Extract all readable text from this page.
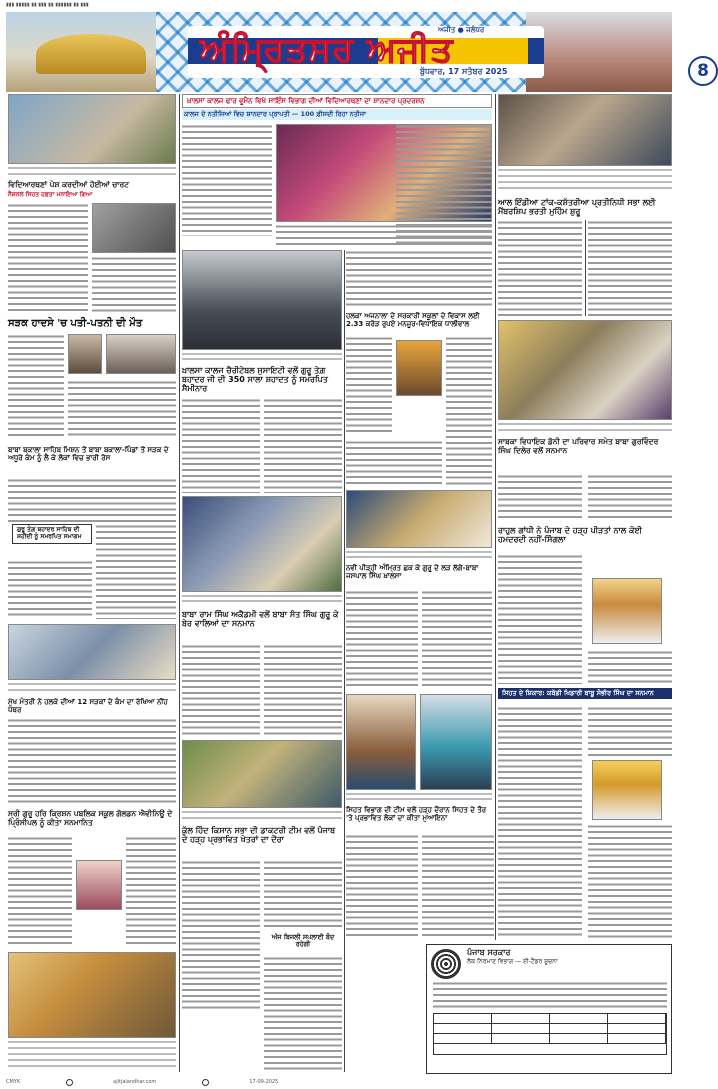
▮▮▮ ▮▮▮▮▮ ▮▮ ▮▮▮ ▮▮ ▮▮▮▮▮▮ ▮▮ ▮▮▮
ਅਜੀਤ ● ਜਲੰਧਰ
ਅੰਮ੍ਰਿਤਸਰ ਅਜੀਤ
ਬੁੱਧਵਾਰ, 17 ਸਤੰਬਰ 2025	8
ਵਿਦਿਆਰਥਣਾਂ ਪੇਸ਼ ਕਰਦੀਆਂ ਹੋਈਆਂ ਚਾਰਟ
ਨੈਸ਼ਨਲ ਸਿਹਤ ਹਫ਼ਤਾ ਮਨਾਇਆ ਗਿਆ
ਸੜਕ ਹਾਦਸੇ 'ਚ ਪਤੀ-ਪਤਨੀ ਦੀ ਮੌਤ
ਬਾਬਾ ਬਕਾਲਾ ਸਾਹਿਬ ਮਿਸ਼ਨ ਤੋਂ ਬਾਬਾ ਬਕਾਲਾ-ਪਿੰਡਾਂ ਤੋਂ ਸੜਕ ਦੇ ਅਧੂਰੇ ਕੰਮ ਨੂੰ ਲੈ ਕੇ ਲੋਕਾਂ ਵਿਚ ਭਾਰੀ ਰੋਸ
ਗੁਰੂ ਤੇਗ਼ ਬਹਾਦਰ ਸਾਹਿਬ ਦੀ ਸ਼ਹੀਦੀ ਨੂੰ ਸਮਰਪਿਤ ਸਮਾਗਮ
ਮੁੱਖ ਮੰਤਰੀ ਨੇ ਹਲਕੇ ਦੀਆਂ 12 ਸੜਕਾਂ ਦੇ ਕੰਮ ਦਾ ਰੱਖਿਆ ਨੀਂਹ ਪੱਥਰ
ਸ੍ਰੀ ਗੁਰੂ ਹਰਿ ਕ੍ਰਿਸ਼ਨ ਪਬਲਿਕ ਸਕੂਲ ਗੋਲਡਨ ਐਵੀਨਿਊ ਦੇ ਪ੍ਰਿੰਸੀਪਲ ਨੂੰ ਕੀਤਾ ਸਨਮਾਨਿਤ
ਖ਼ਾਲਸਾ ਕਾਲਜ ਫਾਰ ਵੂਮੈਨ ਵਿਖੇ ਸਾਇੰਸ ਵਿਭਾਗ ਦੀਆਂ ਵਿਦਿਆਰਥਣਾਂ ਦਾ ਸ਼ਾਨਦਾਰ ਪ੍ਰਦਰਸ਼ਨ
ਕਾਲਜ ਦੇ ਨਤੀਜਿਆਂ ਵਿਚ ਸ਼ਾਨਦਾਰ ਪ੍ਰਾਪਤੀ — 100 ਫ਼ੀਸਦੀ ਰਿਹਾ ਨਤੀਜਾ
ਖ਼ਾਲਸਾ ਕਾਲਜ ਚੈਰੀਟੇਬਲ ਸੁਸਾਇਟੀ ਵਲੋਂ ਗੁਰੂ ਤੇਗ਼ ਬਹਾਦਰ ਜੀ ਦੀ 350 ਸਾਲਾ ਸ਼ਹਾਦਤ ਨੂੰ ਸਮਰਪਿਤ ਸੈਮੀਨਾਰ
ਬਾਬਾ ਰਾਮ ਸਿੰਘ ਅਕੈਡਮੀ ਵਲੋਂ ਬਾਬਾ ਸੰਤ ਸਿੰਘ ਗੁਰੂ ਕੇ ਬੇਰ ਵਾਲਿਆਂ ਦਾ ਸਨਮਾਨ
ਕੁੱਲ ਹਿੰਦ ਕਿਸਾਨ ਸਭਾ ਦੀ ਡਾਕਟਰੀ ਟੀਮ ਵਲੋਂ ਪੰਜਾਬ ਦੇ ਹੜ੍ਹ ਪ੍ਰਭਾਵਿਤ ਖੇਤਰਾਂ ਦਾ ਦੌਰਾ
ਅੱਜ ਬਿਜਲੀ ਸਪਲਾਈ ਬੰਦ ਰਹੇਗੀ
ਹਲਕਾ ਅਜਨਾਲਾ ਦੇ ਸਰਕਾਰੀ ਸਕੂਲਾਂ ਦੇ ਵਿਕਾਸ ਲਈ 2.33 ਕਰੋੜ ਰੁਪਏ ਮਨਜ਼ੂਰ-ਵਿਧਾਇਕ ਧਾਲੀਵਾਲ
ਨਵੀਂ ਪੀੜ੍ਹੀ ਅੰਮ੍ਰਿਤ ਛਕ ਕੇ ਗੁਰੂ ਦੇ ਲੜ ਲੱਗੇ-ਬਾਬਾ ਜਸਪਾਲ ਸਿੰਘ ਖ਼ਾਲਸਾ
ਸਿਹਤ ਵਿਭਾਗ ਦੀ ਟੀਮ ਵਲੋਂ ਹੜ੍ਹ ਦੌਰਾਨ ਸਿਹਤ ਦੇ ਤੌਰ 'ਤੇ ਪ੍ਰਭਾਵਿਤ ਲੋਕਾਂ ਦਾ ਕੀਤਾ ਮੁਆਇਨਾ
ਆਲ ਇੰਡੀਆ ਟਾਂਕ-ਕਸ਼ੱਤਰੀਆ ਪ੍ਰਤੀਨਿਧੀ ਸਭਾ ਲਈ ਮੈਂਬਰਸ਼ਿਪ ਭਰਤੀ ਮੁਹਿੰਮ ਸ਼ੁਰੂ
ਸਾਬਕਾ ਵਿਧਾਇਕ ਡੋਨੀ ਦਾ ਪਰਿਵਾਰ ਸਮੇਤ ਬਾਬਾ ਗੁਰਵਿੰਦਰ ਸਿੰਘ ਦਿਲੇਰ ਵਲੋਂ ਸਨਮਾਨ
ਰਾਹੁਲ ਗਾਂਧੀ ਨੇ ਪੰਜਾਬ ਦੇ ਹੜ੍ਹ ਪੀੜਤਾਂ ਨਾਲ ਕੋਈ ਹਮਦਰਦੀ ਨਹੀਂ-ਸਿੰਗਲਾ
ਸਿਹਤ ਦੇ ਸ਼ਿਕਾਰ: ਕਬੱਡੀ ਖਿਡਾਰੀ ਬਾਬੂ ਸੰਭੀਰ ਸਿੰਘ ਦਾ ਸਨਮਾਨ
ਪੰਜਾਬ ਸਰਕਾਰ
ਲੋਕ ਨਿਰਮਾਣ ਵਿਭਾਗ — ਈ-ਟੈਂਡਰ ਸੂਚਨਾ
CMYK	ajitjalandhar.com	17-09-2025
